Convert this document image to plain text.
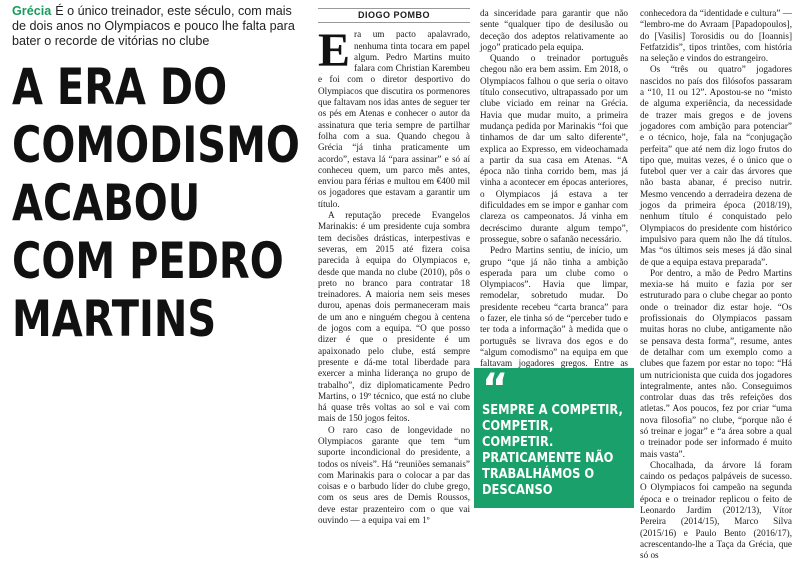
Grécia É o único treinador, este século, com mais de dois anos no Olympiacos e pouco lhe falta para bater o recorde de vitórias no clube
A ERA DO
COMODISMO
ACABOU
COM PEDRO
MARTINS
DIOGO POMBO

Era um pacto apalavrado, nenhuma tinta tocara em papel algum. Pedro Martins muito falara com Christian Karembeu e foi com o diretor desportivo do Olympiacos que discutira os pormenores que faltavam nos idas antes de seguer ter os pés em Atenas e conhecer o autor da assinatura que teria sempre de partilhar folha com a sua. Quando chegou à Grécia “já tinha praticamente um acordo”, estava lá “para assinar” e só aí conheceu quem, um parco mês antes, enviou para férias e multou em €400 mil os jogadores que estavam a garantir um título.

A reputação precede Evangelos Marinakis: é um presidente cuja sombra tem decisões drásticas, interpestivas e severas, em 2015 até fizera coisa parecida à equipa do Olympiacos e, desde que manda no clube (2010), pôs o preto no branco para contratar 18 treinadores. A maioria nem seis meses durou, apenas dois permaneceram mais de um ano e ninguém chegou à centena de jogos com a equipa. “O que posso dizer é que o presidente é um apaixonado pelo clube, está sempre presente e dá-me total liberdade para exercer a minha liderança no grupo de trabalho”, diz diplomaticamente Pedro Martins, o 19º técnico, que está no clube há quase três voltas ao sol e vai com mais de 150 jogos feitos.

O raro caso de longevidade no Olympiacos garante que tem “um suporte incondicional do presidente, a todos os níveis”. Há “reuniões semanais” com Marinakis para o colocar a par das coisas e o barbudo líder do clube grego, com os seus ares de Demis Roussos, deve estar prazenteiro com o que vai ouvindo — a equipa vai em 1º

da sinceridade para garantir que não sente “qualquer tipo de desilusão ou deceção dos adeptos relativamente ao jogo” praticado pela equipa.

Quando o treinador português chegou não era bem assim. Em 2018, o Olympiacos falhou o que seria o oitavo título consecutivo, ultrapassado por um clube viciado em reinar na Grécia. Havia que mudar muito, a primeira mudança pedida por Marinakis “foi que tinhamos de dar um salto diferente”, explica ao Expresso, em videochamada a partir da sua casa em Atenas. “A época não tinha corrido bem, mas já vinha a acontecer em épocas anteriores, o Olympiacos já estava a ter dificuldades em se impor e ganhar com clareza os campeonatos. Já vinha em decréscimo durante algum tempo”, prossegue, sobre o safanão necessário.

Pedro Martins sentiu, de início, um grupo “que já não tinha a ambição esperada para um clube como o Olympiacos”. Havia que limpar, remodelar, sobretudo mudar. Do presidente recebeu “carta branca” para o fazer, ele tinha só de “perceber tudo e ter toda a informação” à medida que o português se livrava dos egos e do “algum comodismo” na equipa em que faltavam jogadores gregos. Entre as

“
SEMPRE A COMPETIR, COMPETIR, COMPETIR. PRATICAMENTE NÃO TRABALHÁMOS O DESCANSO

conhecedora da “identidade e cultura” — “lembro-me do Avraam [Papadopoulos], do [Vasilis] Torosidis ou do [Ioannis] Fetfatzidis”, tipos trintões, com história na seleção e vindos do estrangeiro.

Os “três ou quatro” jogadores nascidos no país dos filósofos passaram a “10, 11 ou 12”. Apostou-se no “misto de alguma experiência, da necessidade de trazer mais gregos e de jovens jogadores com ambição para potenciar” e o técnico, hoje, fala na “conjugação perfeita” que até nem diz logo frutos do tipo que, muitas vezes, é o único que o futebol quer ver a cair das árvores que não basta abanar, é preciso nutrir. Mesmo vencendo a derradeira dezena de jogos da primeira época (2018/19), nenhum título é conquistado pelo Olympiacos do presidente com histórico impulsivo para quem não lhe dá títulos. Mas “os últimos seis meses já dão sinal de que a equipa estava preparada”.

Por dentro, a mão de Pedro Martins mexia-se há muito e fazia por ser estruturado para o clube chegar ao ponto onde o treinador diz estar hoje. “Os profissionais do Olympiacos passam muitas horas no clube, antigamente não se pensava desta forma”, resume, antes de detalhar com um exemplo como a clubes que fazem por estar no topo: “Há um nutricionista que cuida dos jogadores integralmente, antes não. Conseguimos controlar duas das três refeições dos atletas.” Aos poucos, fez por criar “uma nova filosofia” no clube, “porque não é só treinar e jogar” e “a área sobre a qual o treinador pode ser informado é muito mais vasta”.

Chocalhada, da árvore lá foram caindo os pedaços palpáveis de sucesso. O Olympiacos foi campeão na segunda época e o treinador replicou o feito de Leonardo Jardim (2012/13), Vítor Pereira (2014/15), Marco Silva (2015/16) e Paulo Bento (2016/17), acrescentando-lhe a Taça da Grécia, que só os
